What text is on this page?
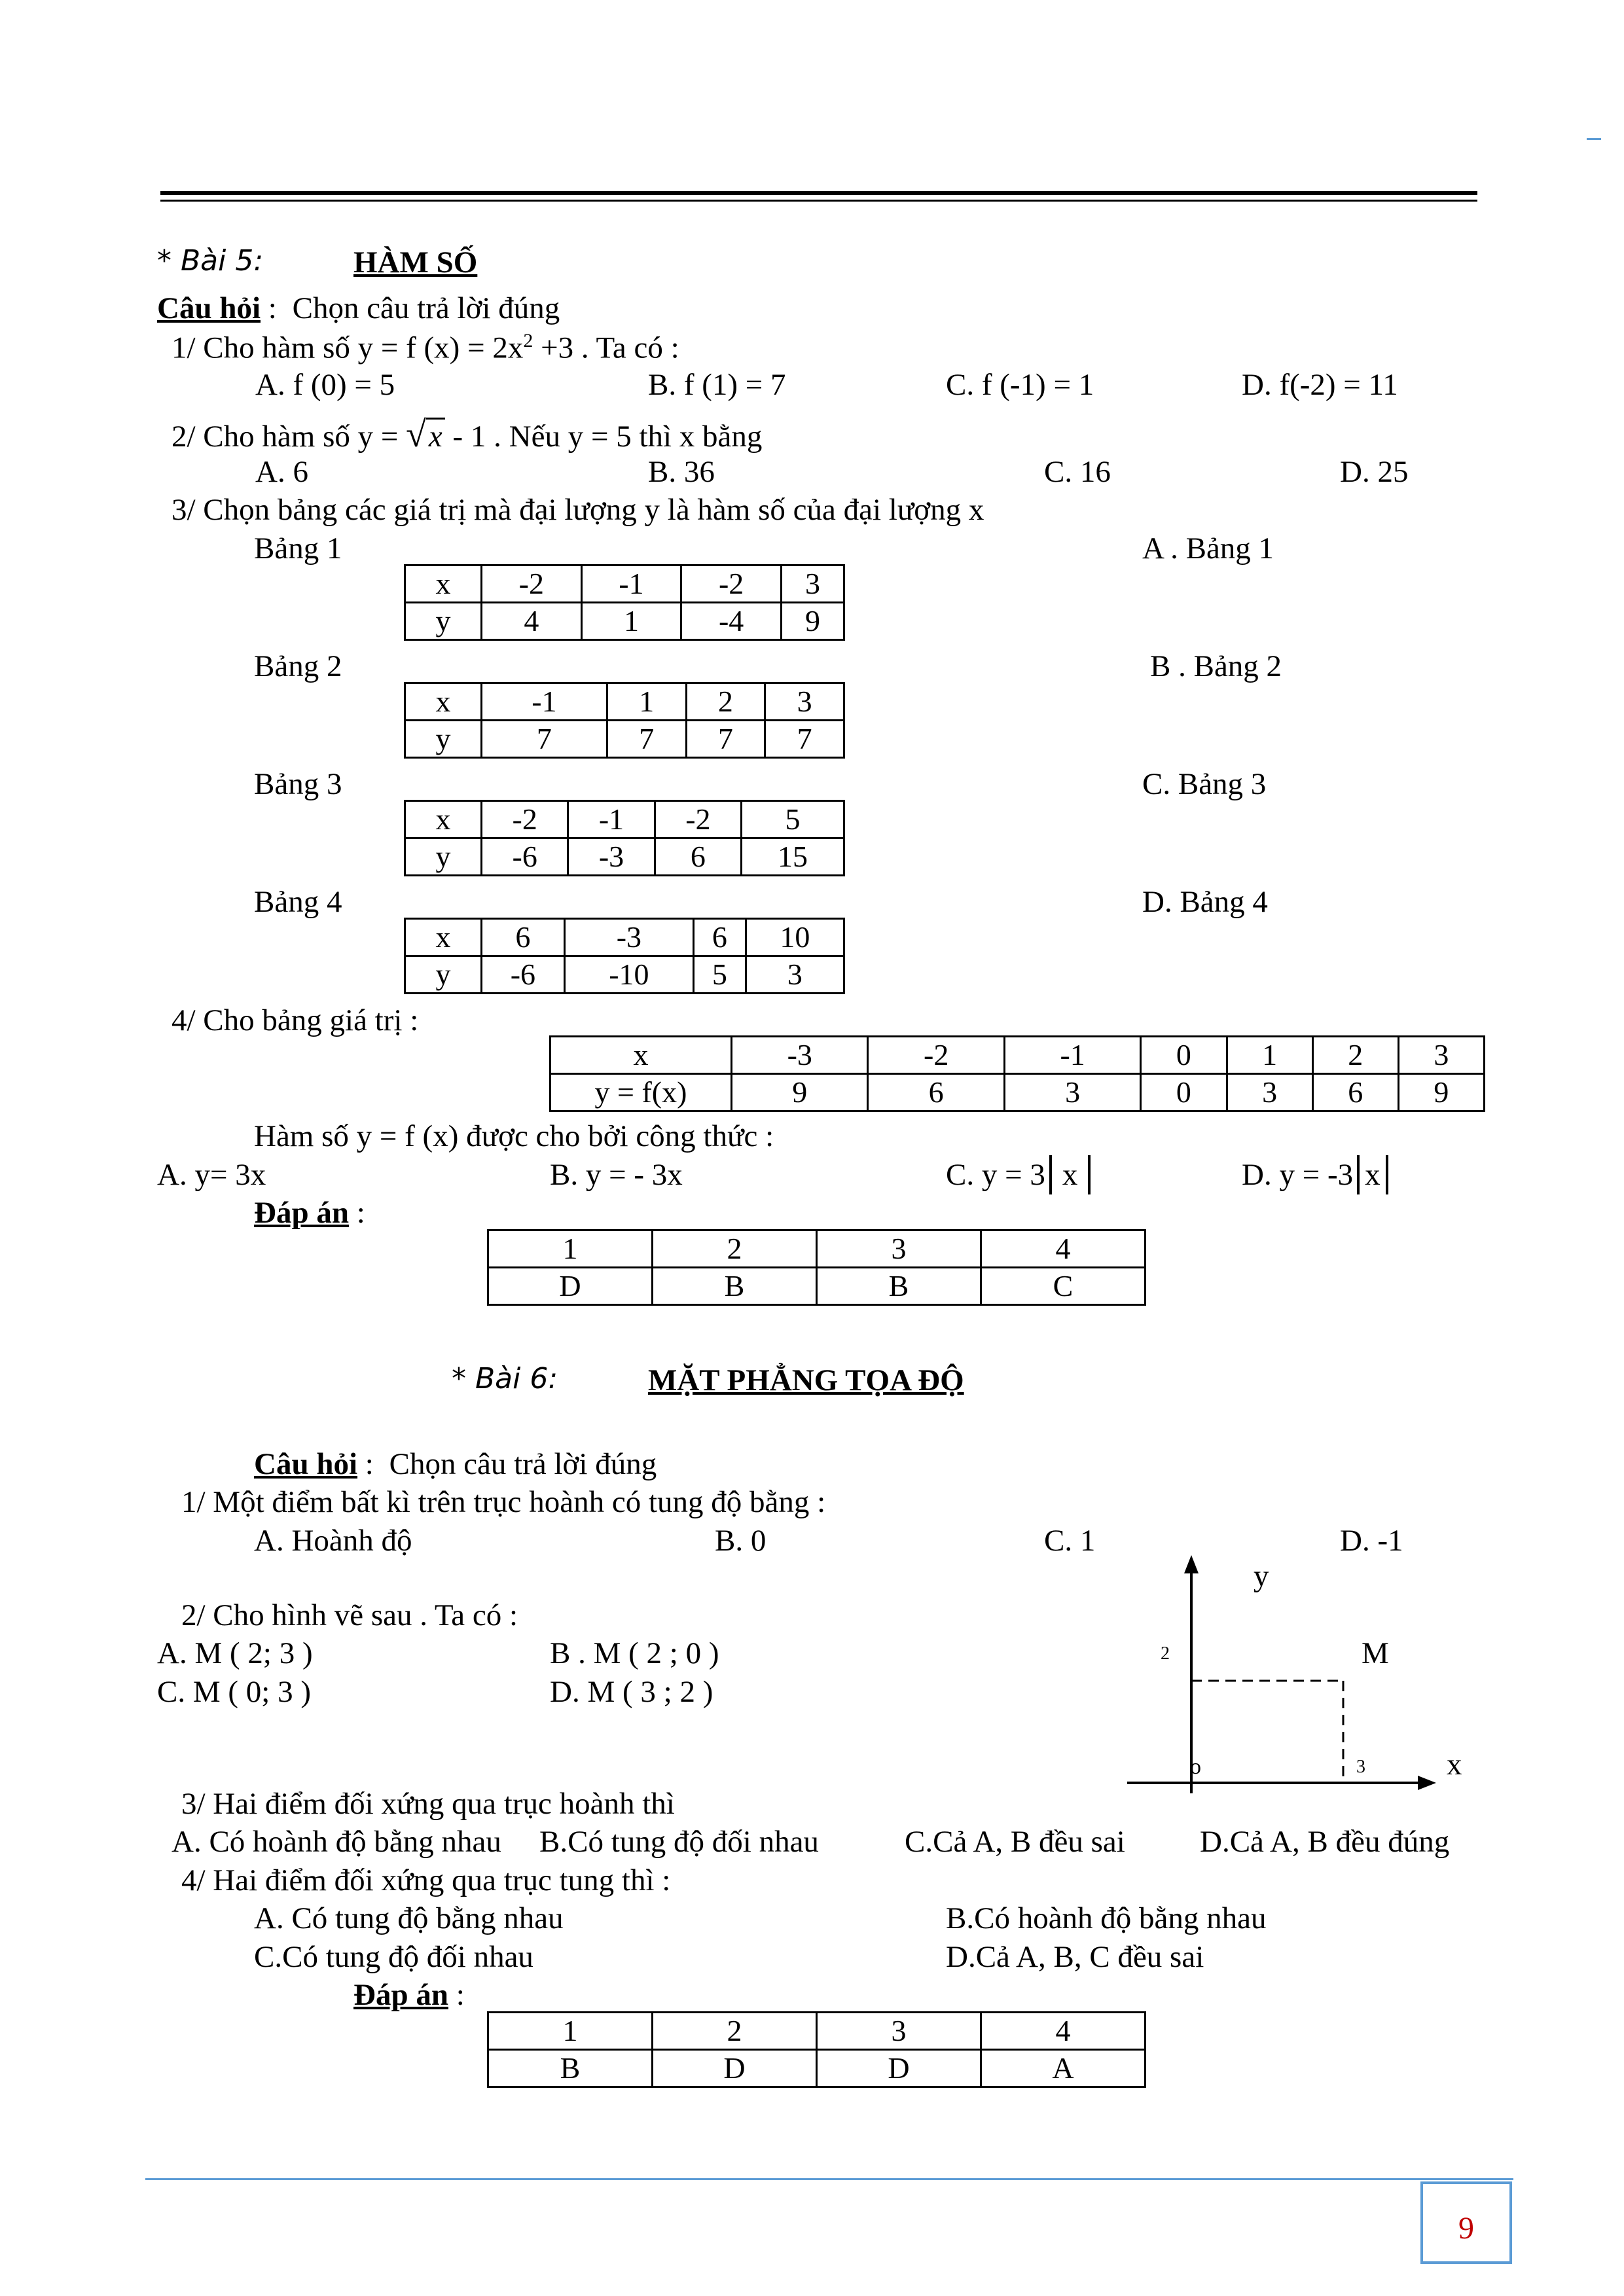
* Bài 5:	HÀM SỐ
Câu hỏi : Chọn câu trả lời đúng
1/ Cho hàm số y = f $(x) = 2x^2 +3$ . Ta có :
A. f (0) = 5	B. f (1) = 7	C. f (-1) = 1	D. f(-2) = 11
2/ Cho hàm số y = √x - 1 . Nếu y = 5 thì x bằng
A. 6	B. 36	C. 16	D. 25
3/ Chọn bảng các giá trị mà đại lượng y là hàm số của đại lượng x
Bảng 1	A . Bảng 1
x	-2	-1	-2	3
y	4	1	-4	9
Bảng 2	B . Bảng 2
x	-1	1	2	3
y	7	7	7	7
Bảng 3	C. Bảng 3
x	-2	-1	-2	5
y	-6	-3	6	15
Bảng 4	D. Bảng 4
x	6	-3	6	10
y	-6	-10	5	3
4/ Cho bảng giá trị :
x	-3	-2	-1	0	1	2	3
y = f(x)	9	6	3	0	3	6	9
Hàm số y = f (x) được cho bởi công thức :
A. y= 3x	B. y = - 3x	C. y = 3 x	D. y = -3 x
Đáp án :
1	2	3	4
D	B	B	C
* Bài 6:	MẶT PHẲNG TỌA ĐỘ
Câu hỏi : Chọn câu trả lời đúng
1/ Một điểm bất kì trên trục hoành có tung độ bằng :
A. Hoành độ	B. 0	C. 1	D. -1
2/ Cho hình vẽ sau . Ta có :
A. M ( 2; 3 )	B . M ( 2 ; 0 )
C. M ( 0; 3 )	D. M ( 3 ; 2 )
y
x
o
2
3
M
3/ Hai điểm đối xứng qua trục hoành thì
A. Có hoành độ bằng nhau B.Có tung độ đối nhau	C.Cả A, B đều sai D.Cả A, B đều đúng
4/ Hai điểm đối xứng qua trục tung thì :
A. Có tung độ bằng nhau	B.Có hoành độ bằng nhau
C.Có tung độ đối nhau	D.Cả A, B, C đều sai
Đáp án :
1	2	3	4
B	D	D	A
9
